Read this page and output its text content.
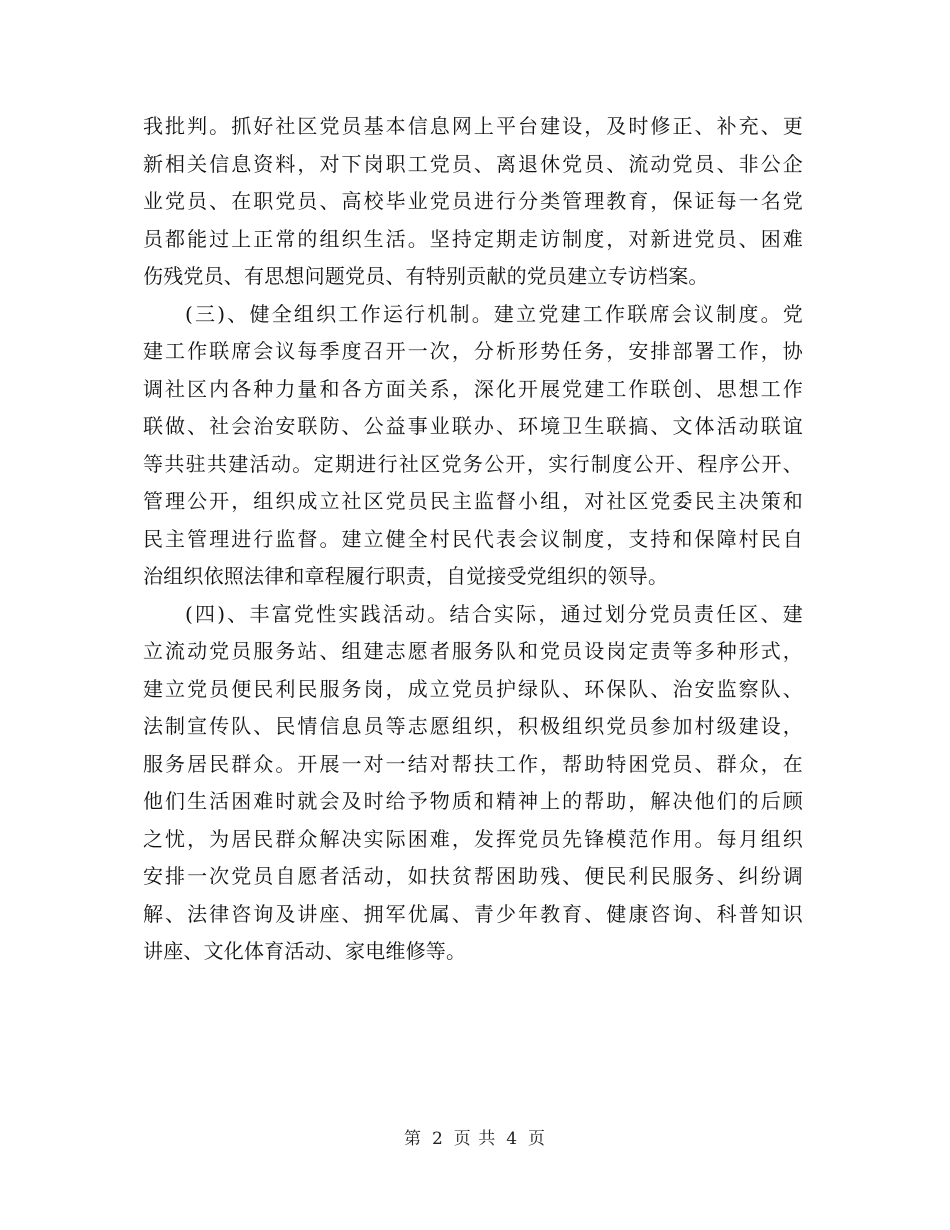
我批判。抓好社区党员基本信息网上平台建设，及时修正、补充、更
新相关信息资料，对下岗职工党员、离退休党员、流动党员、非公企
业党员、在职党员、高校毕业党员进行分类管理教育，保证每一名党
员都能过上正常的组织生活。坚持定期走访制度，对新进党员、困难
伤残党员、有思想问题党员、有特别贡献的党员建立专访档案。
(三)、健全组织工作运行机制。建立党建工作联席会议制度。党
建工作联席会议每季度召开一次，分析形势任务，安排部署工作，协
调社区内各种力量和各方面关系，深化开展党建工作联创、思想工作
联做、社会治安联防、公益事业联办、环境卫生联搞、文体活动联谊
等共驻共建活动。定期进行社区党务公开，实行制度公开、程序公开、
管理公开，组织成立社区党员民主监督小组，对社区党委民主决策和
民主管理进行监督。建立健全村民代表会议制度，支持和保障村民自
治组织依照法律和章程履行职责，自觉接受党组织的领导。
(四)、丰富党性实践活动。结合实际，通过划分党员责任区、建
立流动党员服务站、组建志愿者服务队和党员设岗定责等多种形式，
建立党员便民利民服务岗，成立党员护绿队、环保队、治安监察队、
法制宣传队、民情信息员等志愿组织，积极组织党员参加村级建设，
服务居民群众。开展一对一结对帮扶工作，帮助特困党员、群众，在
他们生活困难时就会及时给予物质和精神上的帮助，解决他们的后顾
之忧，为居民群众解决实际困难，发挥党员先锋模范作用。每月组织
安排一次党员自愿者活动，如扶贫帮困助残、便民利民服务、纠纷调
解、法律咨询及讲座、拥军优属、青少年教育、健康咨询、科普知识
讲座、文化体育活动、家电维修等。
第 2 页 共 4 页
